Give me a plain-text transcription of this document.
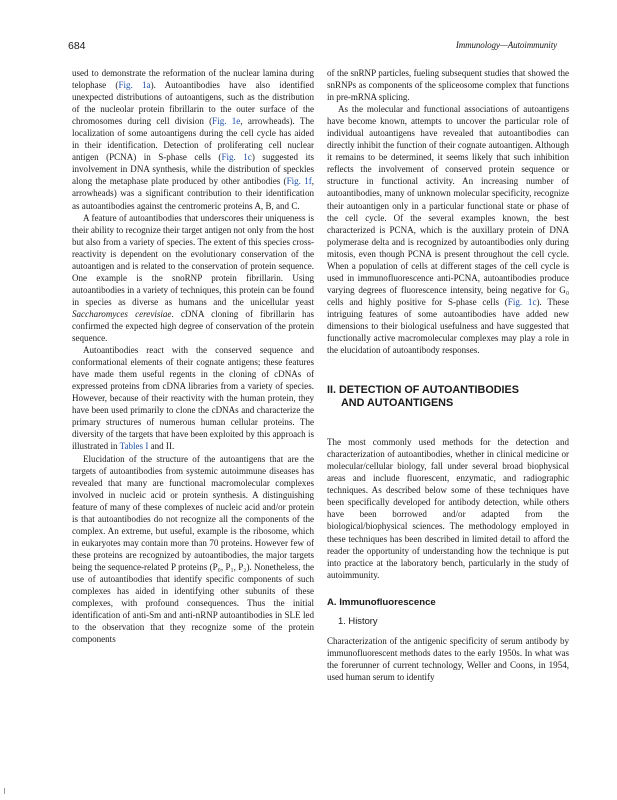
684	Immunology—Autoimmunity

used to demonstrate the reformation of the nuclear lamina during telophase (Fig. 1a). Autoantibodies have also identified unexpected distributions of autoantigens, such as the distribution of the nucleolar protein fibrillarin to the outer surface of the chromosomes during cell division (Fig. 1e, arrowheads). The localization of some autoantigens during the cell cycle has aided in their identification. Detection of proliferating cell nuclear antigen (PCNA) in S-phase cells (Fig. 1c) suggested its involvement in DNA synthesis, while the distribution of speckles along the metaphase plate produced by other antibodies (Fig. 1f, arrowheads) was a significant contribution to their identification as autoantibodies against the centromeric proteins A, B, and C.

A feature of autoantibodies that underscores their uniqueness is their ability to recognize their target antigen not only from the host but also from a variety of species. The extent of this species cross-reactivity is dependent on the evolutionary conservation of the autoantigen and is related to the conservation of protein sequence. One example is the snoRNP protein fibrillarin. Using autoantibodies in a variety of techniques, this protein can be found in species as diverse as humans and the unicellular yeast Saccharomyces cerevisiae. cDNA cloning of fibrillarin has confirmed the expected high degree of conservation of the protein sequence.

Autoantibodies react with the conserved sequence and conformational elements of their cognate antigens; these features have made them useful regents in the cloning of cDNAs of expressed proteins from cDNA libraries from a variety of species. However, because of their reactivity with the human protein, they have been used primarily to clone the cDNAs and characterize the primary structures of numerous human cellular proteins. The diversity of the targets that have been exploited by this approach is illustrated in Tables I and II.

Elucidation of the structure of the autoantigens that are the targets of autoantibodies from systemic autoimmune diseases has revealed that many are functional macromolecular complexes involved in nucleic acid or protein synthesis. A distinguishing feature of many of these complexes of nucleic acid and/or protein is that autoantibodies do not recognize all the components of the complex. An extreme, but useful, example is the ribosome, which in eukaryotes may contain more than 70 proteins. However few of these proteins are recognized by autoantibodies, the major targets being the sequence-related P proteins (P₀, P₁, P₂). Nonetheless, the use of autoantibodies that identify specific components of such complexes has aided in identifying other subunits of these complexes, with profound consequences. Thus the initial identification of anti-Sm and anti-nRNP autoantibodies in SLE led to the observation that they recognize some of the protein components

of the snRNP particles, fueling subsequent studies that showed the snRNPs as components of the spliceosome complex that functions in pre-mRNA splicing.

As the molecular and functional associations of autoantigens have become known, attempts to uncover the particular role of individual autoantigens have revealed that autoantibodies can directly inhibit the function of their cognate autoantigen. Although it remains to be determined, it seems likely that such inhibition reflects the involvement of conserved protein sequence or structure in functional activity. An increasing number of autoantibodies, many of unknown molecular specificity, recognize their autoantigen only in a particular functional state or phase of the cell cycle. Of the several examples known, the best characterized is PCNA, which is the auxillary protein of DNA polymerase delta and is recognized by autoantibodies only during mitosis, even though PCNA is present throughout the cell cycle. When a population of cells at different stages of the cell cycle is used in immunofluorescence anti-PCNA, autoantibodies produce varying degrees of fluorescence intensity, being negative for G₀ cells and highly positive for S-phase cells (Fig. 1c). These intriguing features of some autoantibodies have added new dimensions to their biological usefulness and have suggested that functionally active macromolecular complexes may play a role in the elucidation of autoantibody responses.

II. DETECTION OF AUTOANTIBODIES
AND AUTOANTIGENS

The most commonly used methods for the detection and characterization of autoantibodies, whether in clinical medicine or molecular/cellular biology, fall under several broad biophysical areas and include fluorescent, enzymatic, and radiographic techniques. As described below some of these techniques have been specifically developed for antibody detection, while others have been borrowed and/or adapted from the biological/biophysical sciences. The methodology employed in these techniques has been described in limited detail to afford the reader the opportunity of understanding how the technique is put into practice at the laboratory bench, particularly in the study of autoimmunity.

A. Immunofluorescence
1. History

Characterization of the antigenic specificity of serum antibody by immunofluorescent methods dates to the early 1950s. In what was the forerunner of current technology, Weller and Coons, in 1954, used human serum to identify
